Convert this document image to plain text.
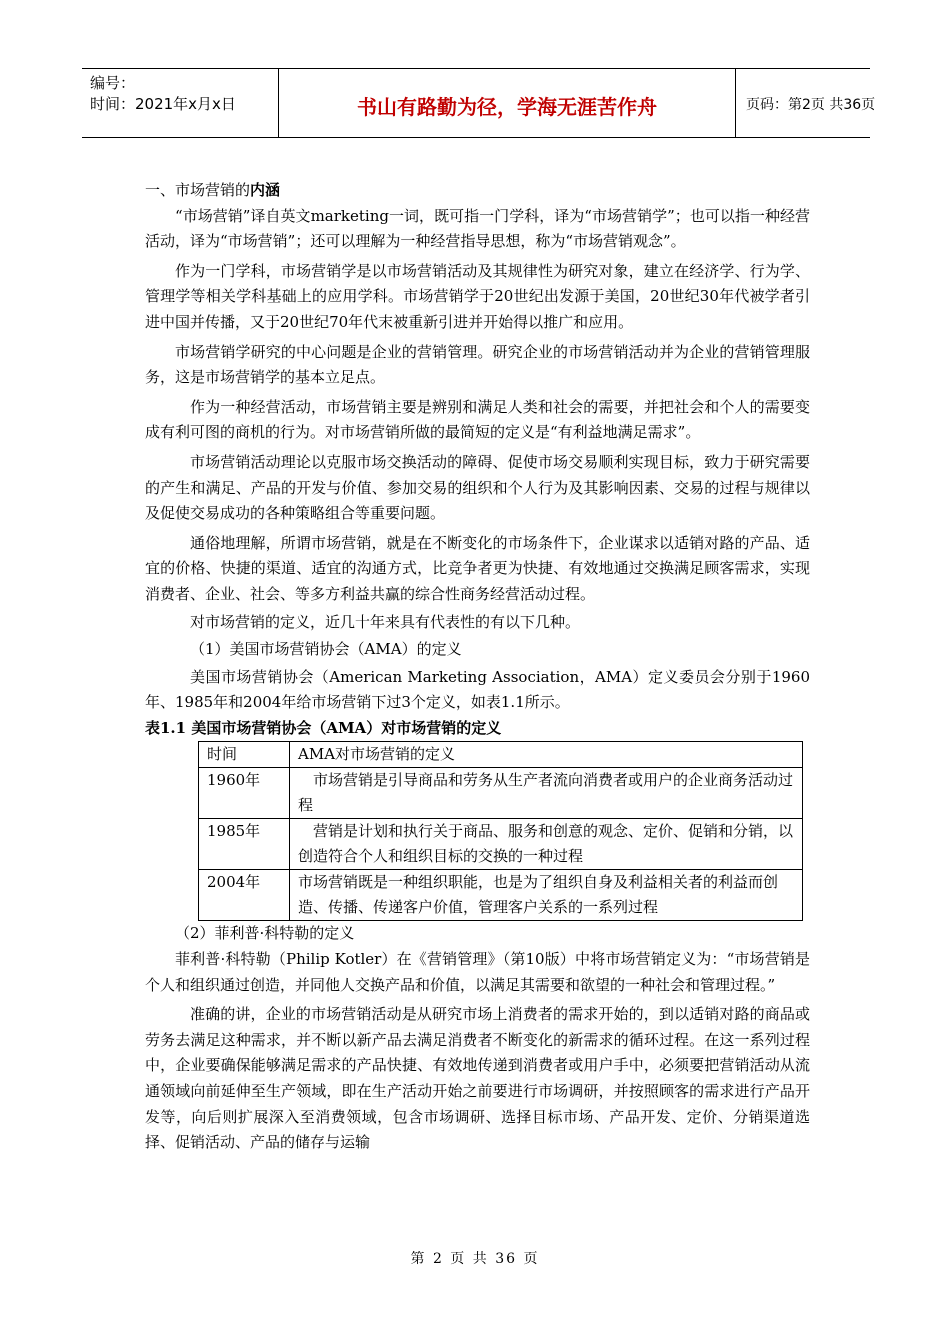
编号：
时间：2021年x月x日	书山有路勤为径，学海无涯苦作舟	页码：第2页 共36页

一、市场营销的内涵

“市场营销”译自英文marketing一词，既可指一门学科，译为“市场营销学”；也可以指一种经营活动，译为“市场营销”；还可以理解为一种经营指导思想，称为“市场营销观念”。

作为一门学科，市场营销学是以市场营销活动及其规律性为研究对象，建立在经济学、行为学、管理学等相关学科基础上的应用学科。市场营销学于20世纪出发源于美国，20世纪30年代被学者引进中国并传播，又于20世纪70年代末被重新引进并开始得以推广和应用。

市场营销学研究的中心问题是企业的营销管理。研究企业的市场营销活动并为企业的营销管理服务，这是市场营销学的基本立足点。

作为一种经营活动，市场营销主要是辨别和满足人类和社会的需要，并把社会和个人的需要变成有利可图的商机的行为。对市场营销所做的最简短的定义是“有利益地满足需求”。

市场营销活动理论以克服市场交换活动的障碍、促使市场交易顺利实现目标，致力于研究需要的产生和满足、产品的开发与价值、参加交易的组织和个人行为及其影响因素、交易的过程与规律以及促使交易成功的各种策略组合等重要问题。

通俗地理解，所谓市场营销，就是在不断变化的市场条件下，企业谋求以适销对路的产品、适宜的价格、快捷的渠道、适宜的沟通方式，比竞争者更为快捷、有效地通过交换满足顾客需求，实现消费者、企业、社会、等多方利益共赢的综合性商务经营活动过程。

对市场营销的定义，近几十年来具有代表性的有以下几种。

（1）美国市场营销协会（AMA）的定义

美国市场营销协会（American Marketing Association，AMA）定义委员会分别于1960年、1985年和2004年给市场营销下过3个定义，如表1.1所示。

表1.1 美国市场营销协会（AMA）对市场营销的定义

时间	AMA对市场营销的定义
1960年	市场营销是引导商品和劳务从生产者流向消费者或用户的企业商务活动过程
1985年	营销是计划和执行关于商品、服务和创意的观念、定价、促销和分销，以创造符合个人和组织目标的交换的一种过程
2004年	市场营销既是一种组织职能，也是为了组织自身及利益相关者的利益而创造、传播、传递客户价值，管理客户关系的一系列过程

（2）菲利普·科特勒的定义

菲利普·科特勒（Philip Kotler）在《营销管理》（第10版）中将市场营销定义为：“市场营销是个人和组织通过创造，并同他人交换产品和价值，以满足其需要和欲望的一种社会和管理过程。”

准确的讲，企业的市场营销活动是从研究市场上消费者的需求开始的，到以适销对路的商品或劳务去满足这种需求，并不断以新产品去满足消费者不断变化的新需求的循环过程。在这一系列过程中，企业要确保能够满足需求的产品快捷、有效地传递到消费者或用户手中，必须要把营销活动从流通领域向前延伸至生产领域，即在生产活动开始之前要进行市场调研，并按照顾客的需求进行产品开发等，向后则扩展深入至消费领域，包含市场调研、选择目标市场、产品开发、定价、分销渠道选择、促销活动、产品的储存与运输

第 2 页 共 36 页
